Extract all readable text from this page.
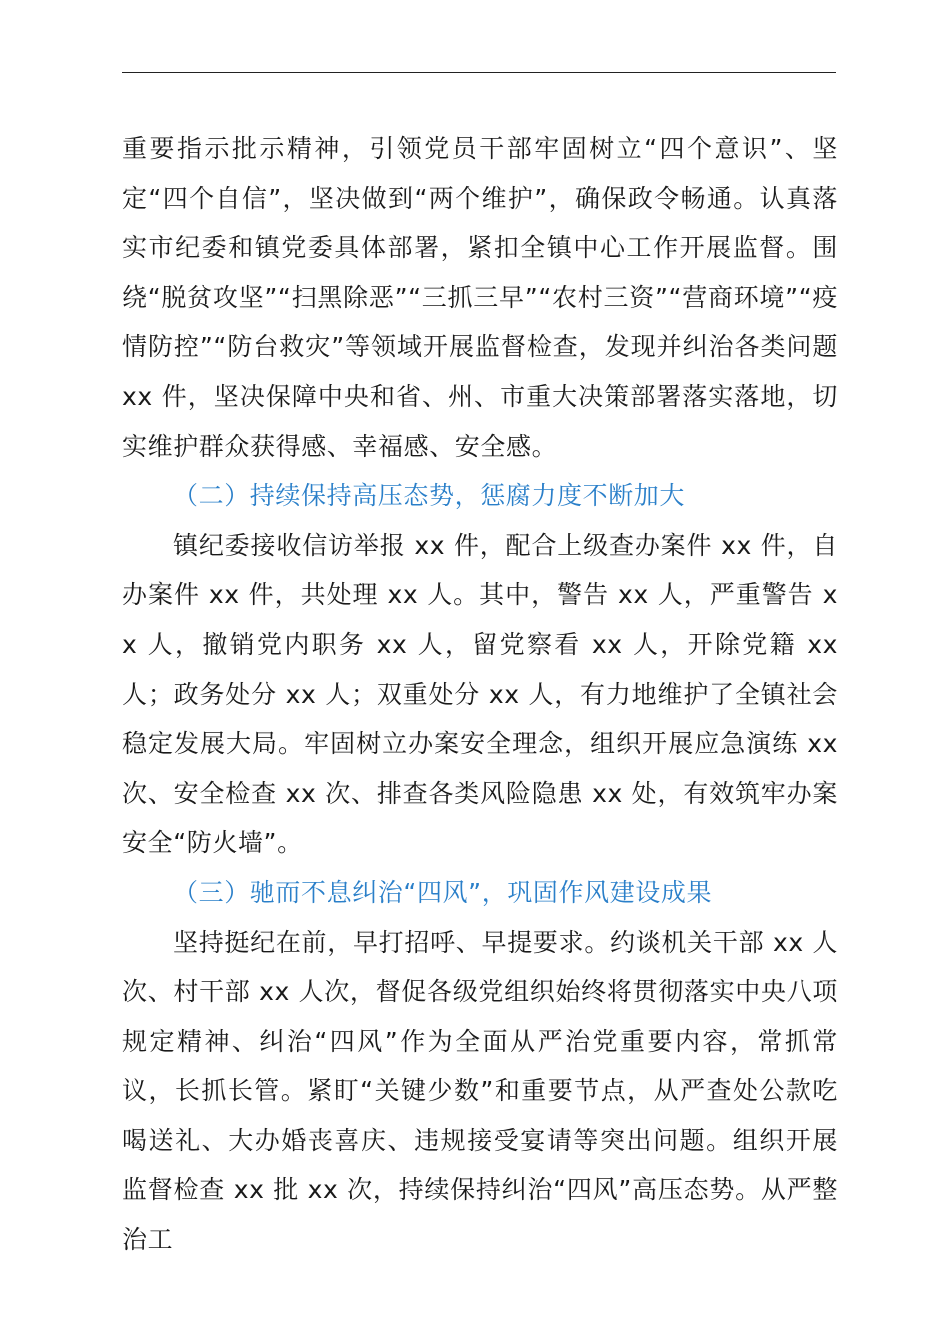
重要指示批示精神，引领党员干部牢固树立“四个意识”、坚定“四个自信”，坚决做到“两个维护”，确保政令畅通。认真落实市纪委和镇党委具体部署，紧扣全镇中心工作开展监督。围绕“脱贫攻坚”“扫黑除恶”“三抓三早”“农村三资”“营商环境”“疫情防控”“防台救灾”等领域开展监督检查，发现并纠治各类问题 xx 件，坚决保障中央和省、州、市重大决策部署落实落地，切实维护群众获得感、幸福感、安全感。

（二）持续保持高压态势，惩腐力度不断加大

镇纪委接收信访举报 xx 件，配合上级查办案件 xx 件，自办案件 xx 件，共处理 xx 人。其中，警告 xx 人，严重警告 xx 人，撤销党内职务 xx 人，留党察看 xx 人，开除党籍 xx 人；政务处分 xx 人；双重处分 xx 人，有力地维护了全镇社会稳定发展大局。牢固树立办案安全理念，组织开展应急演练 xx 次、安全检查 xx 次、排查各类风险隐患 xx 处，有效筑牢办案安全“防火墙”。

（三）驰而不息纠治“四风”，巩固作风建设成果

坚持挺纪在前，早打招呼、早提要求。约谈机关干部 xx 人次、村干部 xx 人次，督促各级党组织始终将贯彻落实中央八项规定精神、纠治“四风”作为全面从严治党重要内容，常抓常议，长抓长管。紧盯“关键少数”和重要节点，从严查处公款吃喝送礼、大办婚丧喜庆、违规接受宴请等突出问题。组织开展监督检查 xx 批 xx 次，持续保持纠治“四风”高压态势。从严整治工
